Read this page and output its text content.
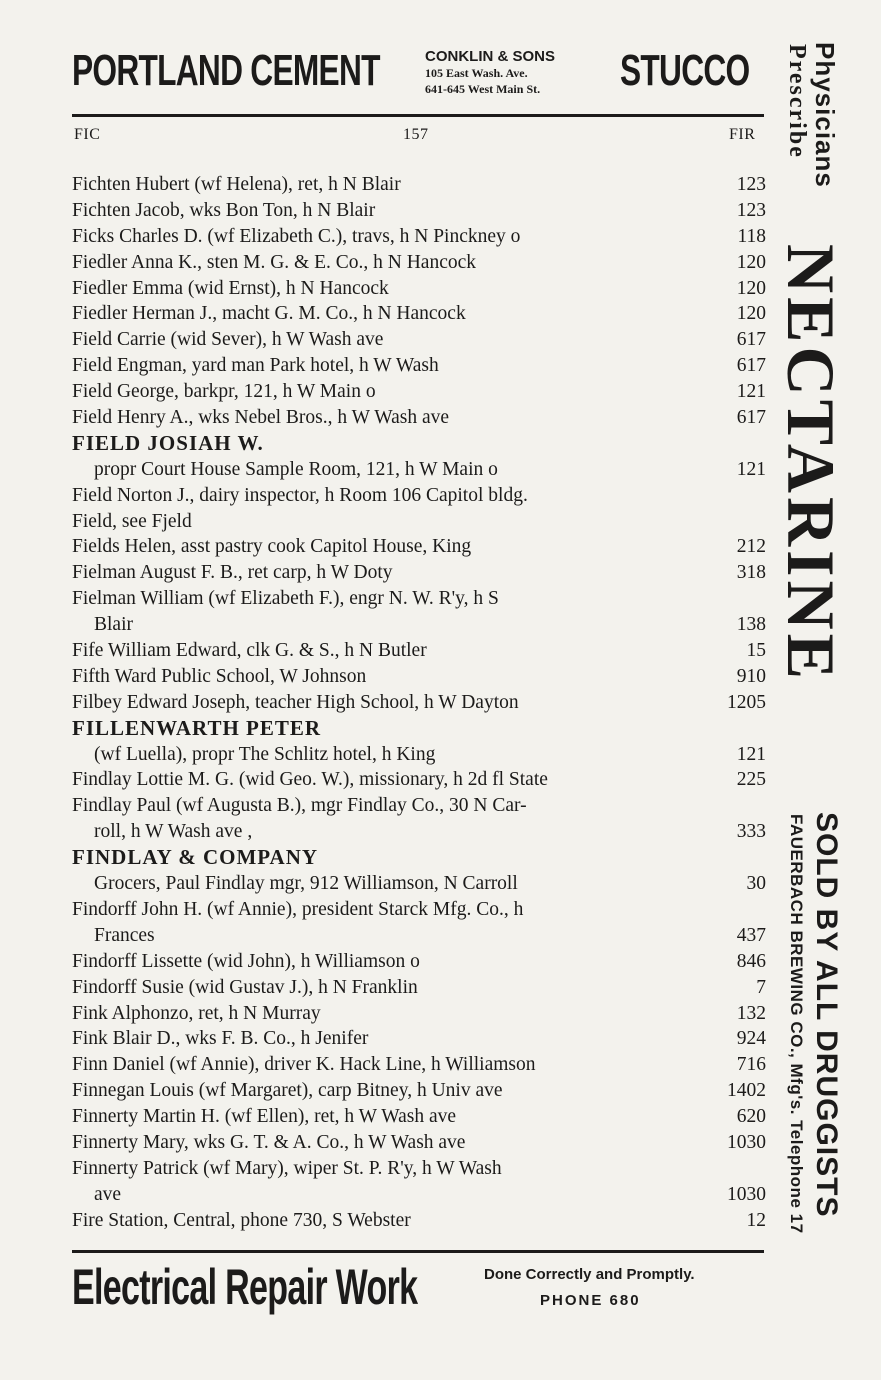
PORTLAND CEMENT	CONKLIN & SONS
105 East Wash. Ave.
641-645 West Main St.	STUCCO
FIC	157	FIR
Fichten Hubert (wf Helena), ret, h N Blair	123
Fichten Jacob, wks Bon Ton, h N Blair	123
Ficks Charles D. (wf Elizabeth C.), travs, h N Pinckney o	118
Fiedler Anna K., sten M. G. & E. Co., h N Hancock	120
Fiedler Emma (wid Ernst), h N Hancock	120
Fiedler Herman J., macht G. M. Co., h N Hancock	120
Field Carrie (wid Sever), h W Wash ave	617
Field Engman, yard man Park hotel, h W Wash	617
Field George, barkpr, 121, h W Main o	121
Field Henry A., wks Nebel Bros., h W Wash ave	617
FIELD JOSIAH W.
propr Court House Sample Room, 121, h W Main o	121
Field Norton J., dairy inspector, h Room 106 Capitol bldg.
Field, see Fjeld
Fields Helen, asst pastry cook Capitol House, King	212
Fielman August F. B., ret carp, h W Doty	318
Fielman William (wf Elizabeth F.), engr N. W. R'y, h S
Blair	138
Fife William Edward, clk G. & S., h N Butler	15
Fifth Ward Public School, W Johnson	910
Filbey Edward Joseph, teacher High School, h W Dayton	1205
FILLENWARTH PETER
(wf Luella), propr The Schlitz hotel, h King	121
Findlay Lottie M. G. (wid Geo. W.), missionary, h 2d fl State	225
Findlay Paul (wf Augusta B.), mgr Findlay Co., 30 N Car-
roll, h W Wash ave ,	333
FINDLAY & COMPANY
Grocers, Paul Findlay mgr, 912 Williamson, N Carroll	30
Findorff John H. (wf Annie), president Starck Mfg. Co., h
Frances	437
Findorff Lissette (wid John), h Williamson o	846
Findorff Susie (wid Gustav J.), h N Franklin	7
Fink Alphonzo, ret, h N Murray	132
Fink Blair D., wks F. B. Co., h Jenifer	924
Finn Daniel (wf Annie), driver K. Hack Line, h Williamson	716
Finnegan Louis (wf Margaret), carp Bitney, h Univ ave	1402
Finnerty Martin H. (wf Ellen), ret, h W Wash ave	620
Finnerty Mary, wks G. T. & A. Co., h W Wash ave	1030
Finnerty Patrick (wf Mary), wiper St. P. R'y, h W Wash
ave	1030
Fire Station, Central, phone 730, S Webster	12
Electrical Repair Work	Done Correctly and Promptly.
PHONE 680
Physicians
Prescribe
NECTARINE
SOLD BY ALL DRUGGISTS
FAUERBACH BREWING CO., Mfg's. Telephone 17
